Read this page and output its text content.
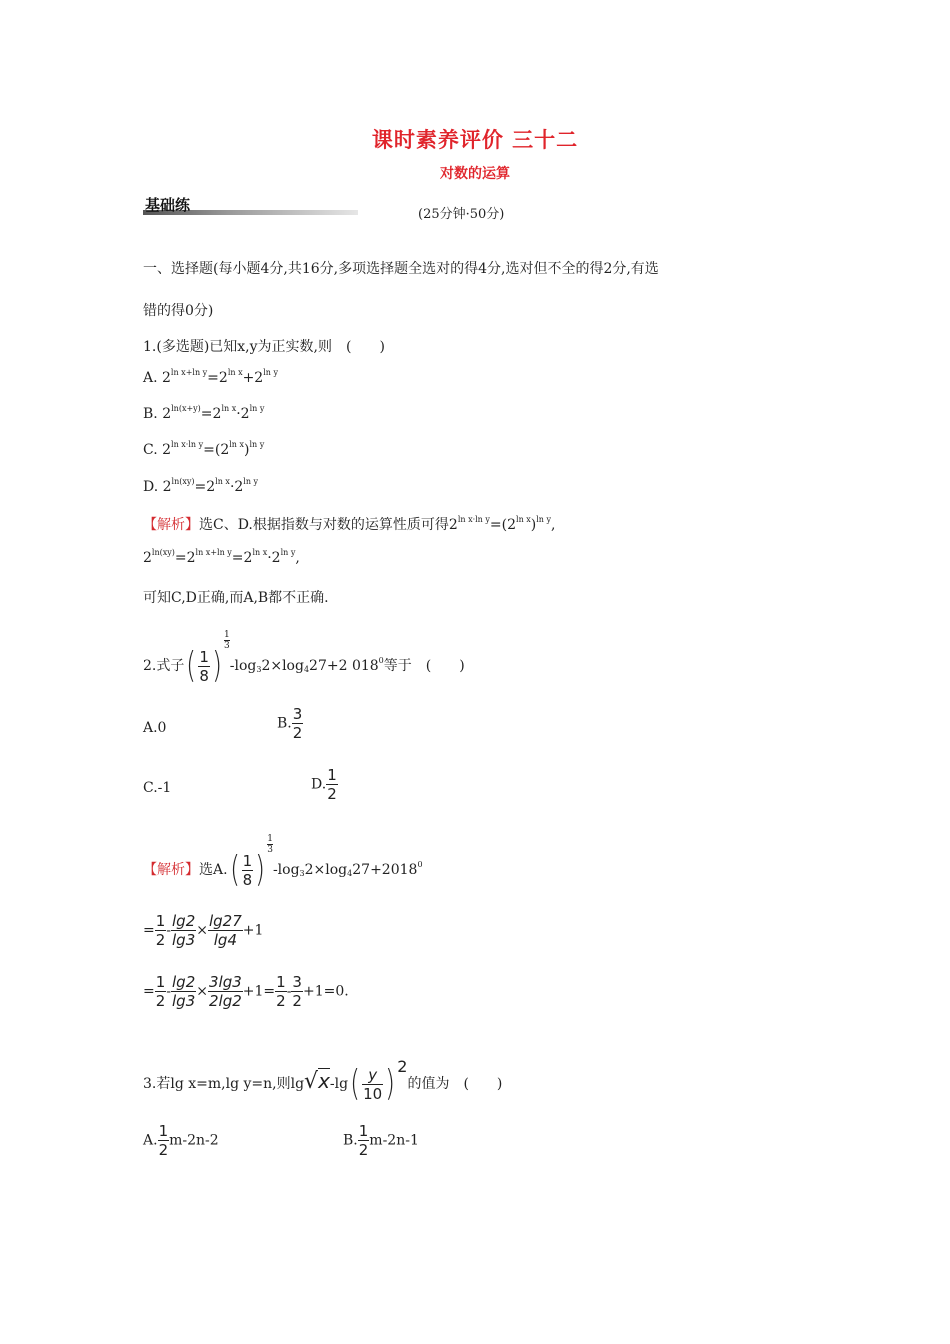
课时素养评价 三十二
对数的运算
基础练
(25分钟·50分)
一、选择题(每小题4分,共16分,多项选择题全选对的得4分,选对但不全的得2分,有选
错的得0分)
1.(多选题)已知x,y为正实数,则　(　　)
A. $2^{ln x+ln y}=2^{ln x}+2^{ln y}$
B. $2^{ln(x+y)}=2^{ln x}\cdot 2^{ln y}$
C. $2^{ln x\cdot ln y}=(2^{ln x})^{ln y}$
D. $2^{ln(xy)}=2^{ln x}\cdot 2^{ln y}$
【解析】选C、D.根据指数与对数的运算性质可得$2^{ln x\cdot ln y}=(2^{ln x})^{ln y}$,
$2^{ln(xy)}=2^{ln x+ln y}=2^{ln x}\cdot 2^{ln y}$,
可知C,D正确,而A,B都不正确.
2.式子( $\frac{1}{8}$ )
$\frac{1}{3}$
$-\log_32\times\log_427+2$ $018^0$等于　(　　)
A.0	B. $\frac{3}{2}$
C.-1	D. $\frac{1}{2}$
【解析】选$A.( \frac{1}{8}$ )
$\frac{1}{3}$
$-\log_32\times\log_427+2018^0$
= $\frac{1}{2} - \frac{\lg 2}{\lg 3} \times \frac{\lg 27}{\lg 4} +1$
= $\frac{1}{2} - \frac{\lg 2}{\lg 3} \times \frac{3\lg 3}{2\lg 2} +1= \frac{1}{2} - \frac{3}{2} +1=0$.
3.若lg x=m,lg y=n,则$\lg√x-\lg( \frac{y}{10}$ ) 2的值为　(　　)
A. $\frac{1}{2} m-2n-2$	B. $\frac{1}{2} m-2n-1$
